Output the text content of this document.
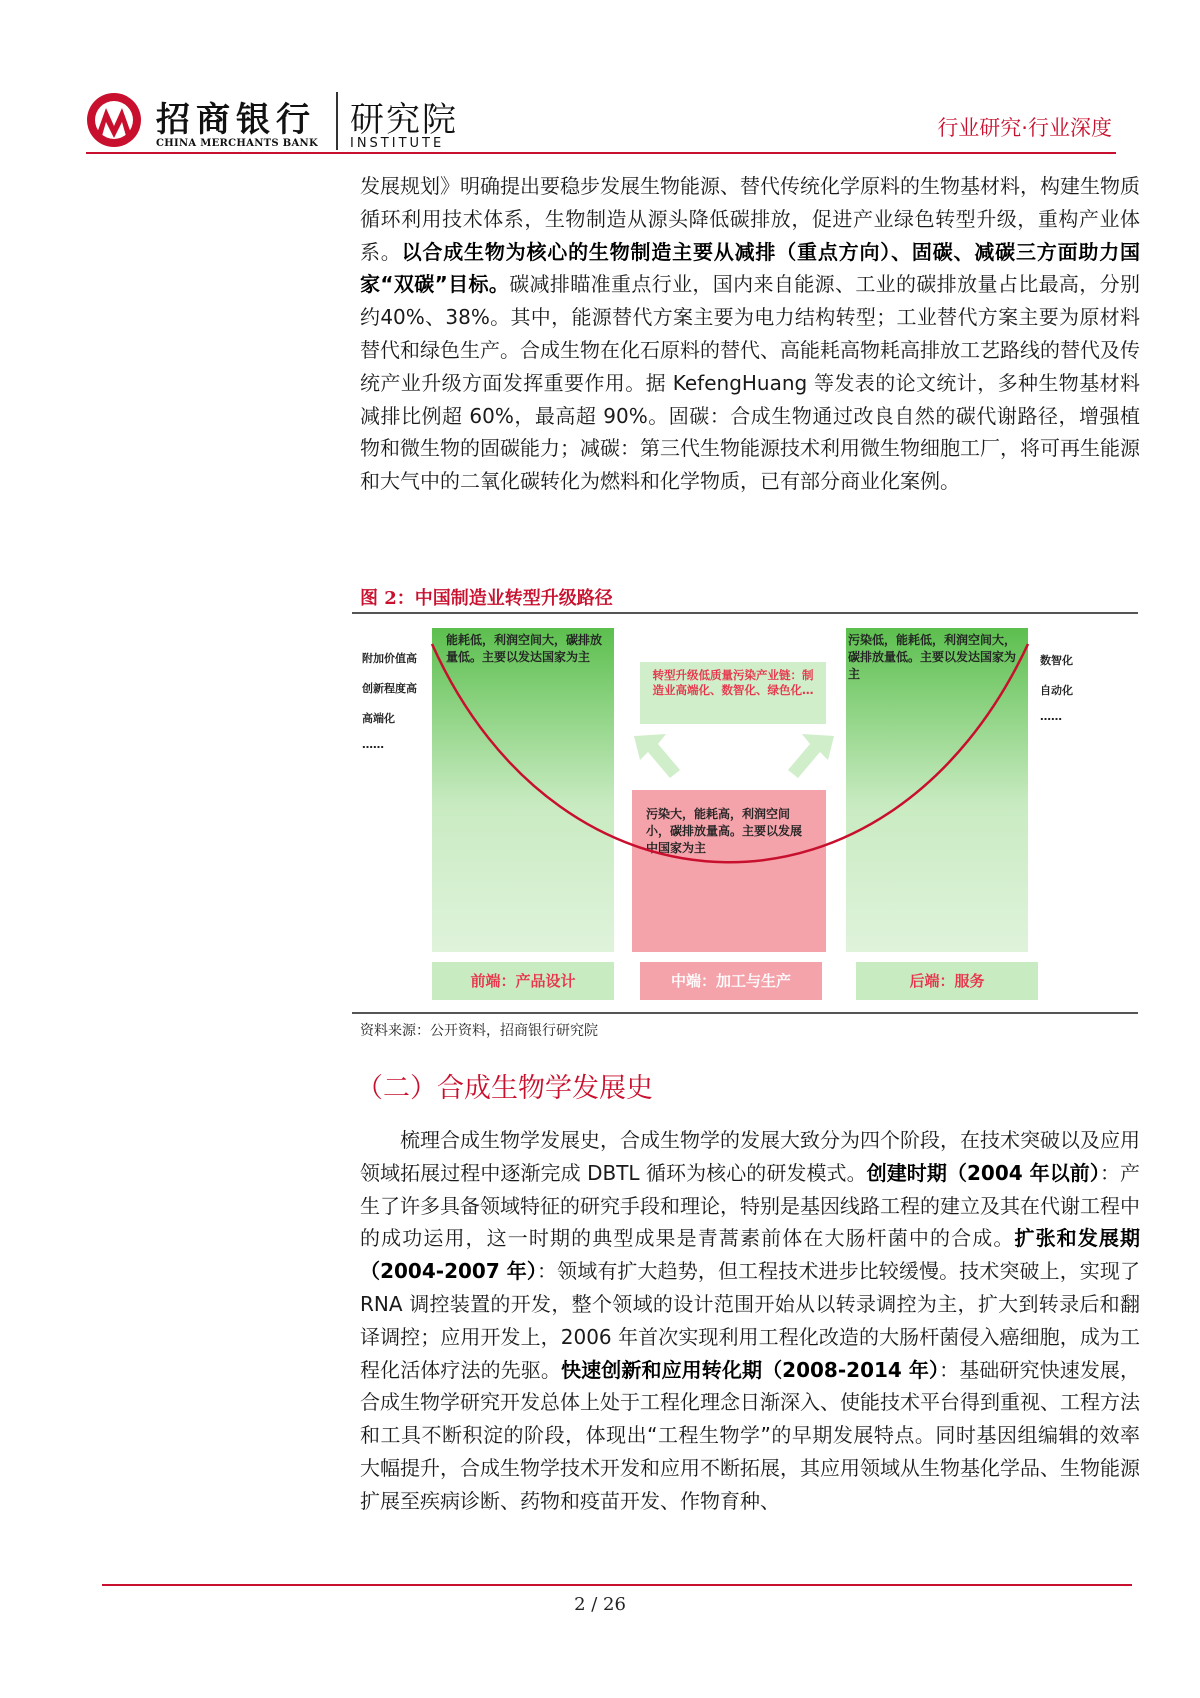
招商银行
CHINA MERCHANTS BANK
研究院
INSTITUTE
行业研究·行业深度
发展规划》明确提出要稳步发展生物能源、替代传统化学原料的生物基材料，构建生物质循环利用技术体系，生物制造从源头降低碳排放，促进产业绿色转型升级，重构产业体系。以合成生物为核心的生物制造主要从减排（重点方向）、固碳、减碳三方面助力国家“双碳”目标。碳减排瞄准重点行业，国内来自能源、工业的碳排放量占比最高，分别约40%、38%。其中，能源替代方案主要为电力结构转型；工业替代方案主要为原材料替代和绿色生产。合成生物在化石原料的替代、高能耗高物耗高排放工艺路线的替代及传统产业升级方面发挥重要作用。据 KefengHuang 等发表的论文统计，多种生物基材料减排比例超 60%，最高超 90%。固碳：合成生物通过改良自然的碳代谢路径，增强植物和微生物的固碳能力；减碳：第三代生物能源技术利用微生物细胞工厂，将可再生能源和大气中的二氧化碳转化为燃料和化学物质，已有部分商业化案例。
图 2：中国制造业转型升级路径
附加价值高
创新程度高
高端化
……
能耗低，利润空间大，碳排放量低。主要以发达国家为主
污染低，能耗低，利润空间大，碳排放量低。主要以发达国家为主
转型升级低质量污染产业链：制造业高端化、数智化、绿色化…
污染大，能耗高，利润空间小，碳排放量高。主要以发展中国家为主
数智化
自动化
……
前端：产品设计	中端：加工与生产	后端：服务
资料来源：公开资料，招商银行研究院
（二）合成生物学发展史
梳理合成生物学发展史，合成生物学的发展大致分为四个阶段，在技术突破以及应用领域拓展过程中逐渐完成 DBTL 循环为核心的研发模式。创建时期（2004 年以前）：产生了许多具备领域特征的研究手段和理论，特别是基因线路工程的建立及其在代谢工程中的成功运用，这一时期的典型成果是青蒿素前体在大肠杆菌中的合成。扩张和发展期（2004-2007 年）：领域有扩大趋势，但工程技术进步比较缓慢。技术突破上，实现了 RNA 调控装置的开发，整个领域的设计范围开始从以转录调控为主，扩大到转录后和翻译调控；应用开发上，2006 年首次实现利用工程化改造的大肠杆菌侵入癌细胞，成为工程化活体疗法的先驱。快速创新和应用转化期（2008-2014 年）：基础研究快速发展，合成生物学研究开发总体上处于工程化理念日渐深入、使能技术平台得到重视、工程方法和工具不断积淀的阶段，体现出“工程生物学”的早期发展特点。同时基因组编辑的效率大幅提升，合成生物学技术开发和应用不断拓展，其应用领域从生物基化学品、生物能源扩展至疾病诊断、药物和疫苗开发、作物育种、
2 / 26
